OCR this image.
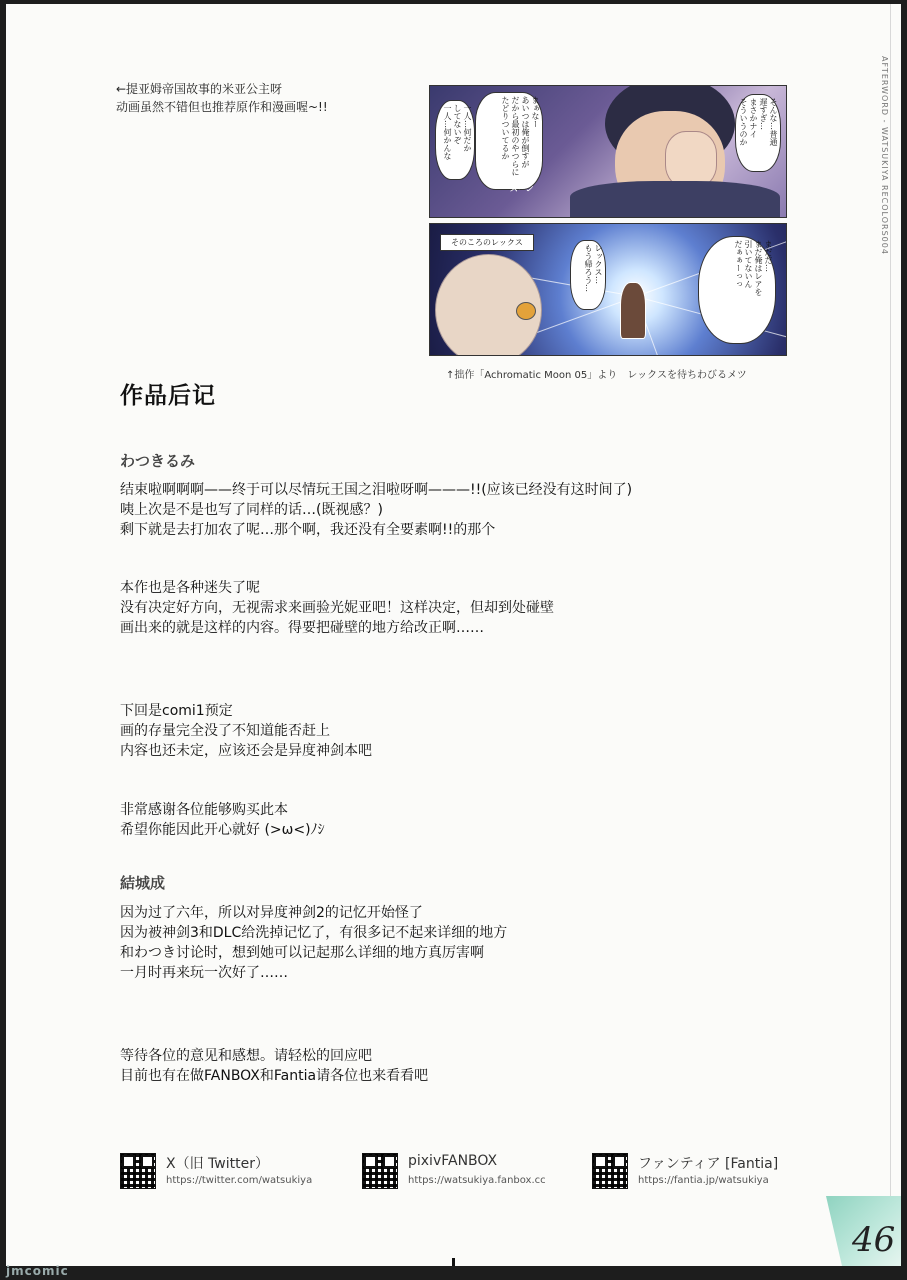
AFTERWORD - WATSUKIYA RECOLORS004
←提亚姆帝国故事的米亚公主呀
动画虽然不错但也推荐原作和漫画喔~!!	そんな…普通
遅すぎ…
まさかナイ
そういうのか
まぁなー
あいつは俺が倒すが
だから最初のやつらに
たどりついてるか
一人…何だか
してないぞ
一人…何かんな
ズーン
そのころのレックス
レックス…
もう帰ろう…	まだだ…
まだ俺はレアを
引いてないん
だぁぁーっっ
↑拙作「Achromatic Moon 05」より　レックスを待ちわびるメツ
作品后记
わつきるみ
结束啦啊啊啊——终于可以尽情玩王国之泪啦呀啊———!!(应该已经没有这时间了)
咦上次是不是也写了同样的话…(既视感？)
剩下就是去打加农了呢…那个啊，我还没有全要素啊!!的那个
本作也是各种迷失了呢
没有决定好方向，无视需求来画验光妮亚吧！这样决定，但却到处碰壁
画出来的就是这样的内容。得要把碰壁的地方给改正啊……
下回是comi1预定
画的存量完全没了不知道能否赶上
内容也还未定，应该还会是异度神剑本吧
非常感谢各位能够购买此本
希望你能因此开心就好 (>ω<)ﾉｼ
結城成
因为过了六年，所以对异度神剑2的记忆开始怪了
因为被神剑3和DLC给洗掉记忆了，有很多记不起来详细的地方
和わつき讨论时，想到她可以记起那么详细的地方真厉害啊
一月时再来玩一次好了……
等待各位的意见和感想。请轻松的回应吧
目前也有在做FANBOX和Fantia请各位也来看看吧
X（旧 Twitter）
https://twitter.com/watsukiya
pixivFANBOX
https://watsukiya.fanbox.cc
ファンティア [Fantia]
https://fantia.jp/watsukiya
46
jmcomic
